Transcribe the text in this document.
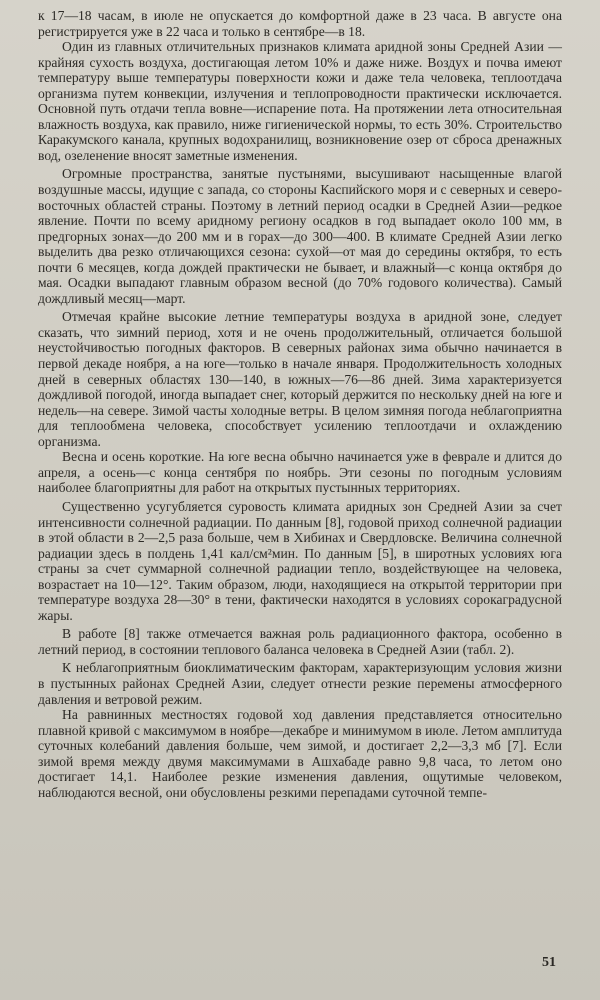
к 17—18 часам, в июле не опускается до комфортной даже в 23 часа. В августе она регистрируется уже в 22 часа и только в сентябре—в 18.

Один из главных отличительных признаков климата аридной зоны Средней Азии — крайняя сухость воздуха, достигающая летом 10% и даже ниже. Воздух и почва имеют температуру выше температуры поверхности кожи и даже тела человека, теплоотдача организма путем конвекции, излучения и теплопроводности практически исключается. Основной путь отдачи тепла вовне—испарение пота. На протяжении лета относительная влажность воздуха, как правило, ниже гигиенической нормы, то есть 30%. Строительство Каракумского канала, крупных водохранилищ, возникновение озер от сброса дренажных вод, озеленение вносят заметные изменения.

Огромные пространства, занятые пустынями, высушивают насыщенные влагой воздушные массы, идущие с запада, со стороны Каспийского моря и с северных и северо-восточных областей страны. Поэтому в летний период осадки в Средней Азии—редкое явление. Почти по всему аридному региону осадков в год выпадает около 100 мм, в предгорных зонах—до 200 мм и в горах—до 300—400. В климате Средней Азии легко выделить два резко отличающихся сезона: сухой—от мая до середины октября, то есть почти 6 месяцев, когда дождей практически не бывает, и влажный—с конца октября до мая. Осадки выпадают главным образом весной (до 70% годового количества). Самый дождливый месяц—март.

Отмечая крайне высокие летние температуры воздуха в аридной зоне, следует сказать, что зимний период, хотя и не очень продолжительный, отличается большой неустойчивостью погодных факторов. В северных районах зима обычно начинается в первой декаде ноября, а на юге—только в начале января. Продолжительность холодных дней в северных областях 130—140, в южных—76—86 дней. Зима характеризуется дождливой погодой, иногда выпадает снег, который держится по нескольку дней на юге и недель—на севере. Зимой часты холодные ветры. В целом зимняя погода неблагоприятна для теплообмена человека, способствует усилению теплоотдачи и охлаждению организма.

Весна и осень короткие. На юге весна обычно начинается уже в феврале и длится до апреля, а осень—с конца сентября по ноябрь. Эти сезоны по погодным условиям наиболее благоприятны для работ на открытых пустынных территориях.

Существенно усугубляется суровость климата аридных зон Средней Азии за счет интенсивности солнечной радиации. По данным [8], годовой приход солнечной радиации в этой области в 2—2,5 раза больше, чем в Хибинах и Свердловске. Величина солнечной радиации здесь в полдень 1,41 кал/см²мин. По данным [5], в широтных условиях юга страны за счет суммарной солнечной радиации тепло, воздействующее на человека, возрастает на 10—12°. Таким образом, люди, находящиеся на открытой территории при температуре воздуха 28—30° в тени, фактически находятся в условиях сорокаградусной жары.

В работе [8] также отмечается важная роль радиационного фактора, особенно в летний период, в состоянии теплового баланса человека в Средней Азии (табл. 2).

К неблагоприятным биоклиматическим факторам, характеризующим условия жизни в пустынных районах Средней Азии, следует отнести резкие перемены атмосферного давления и ветровой режим.

На равнинных местностях годовой ход давления представляется относительно плавной кривой с максимумом в ноябре—декабре и минимумом в июле. Летом амплитуда суточных колебаний давления больше, чем зимой, и достигает 2,2—3,3 мб [7]. Если зимой время между двумя максимумами в Ашхабаде равно 9,8 часа, то летом оно достигает 14,1. Наиболее резкие изменения давления, ощутимые человеком, наблюдаются весной, они обусловлены резкими перепадами суточной темпе-

51
